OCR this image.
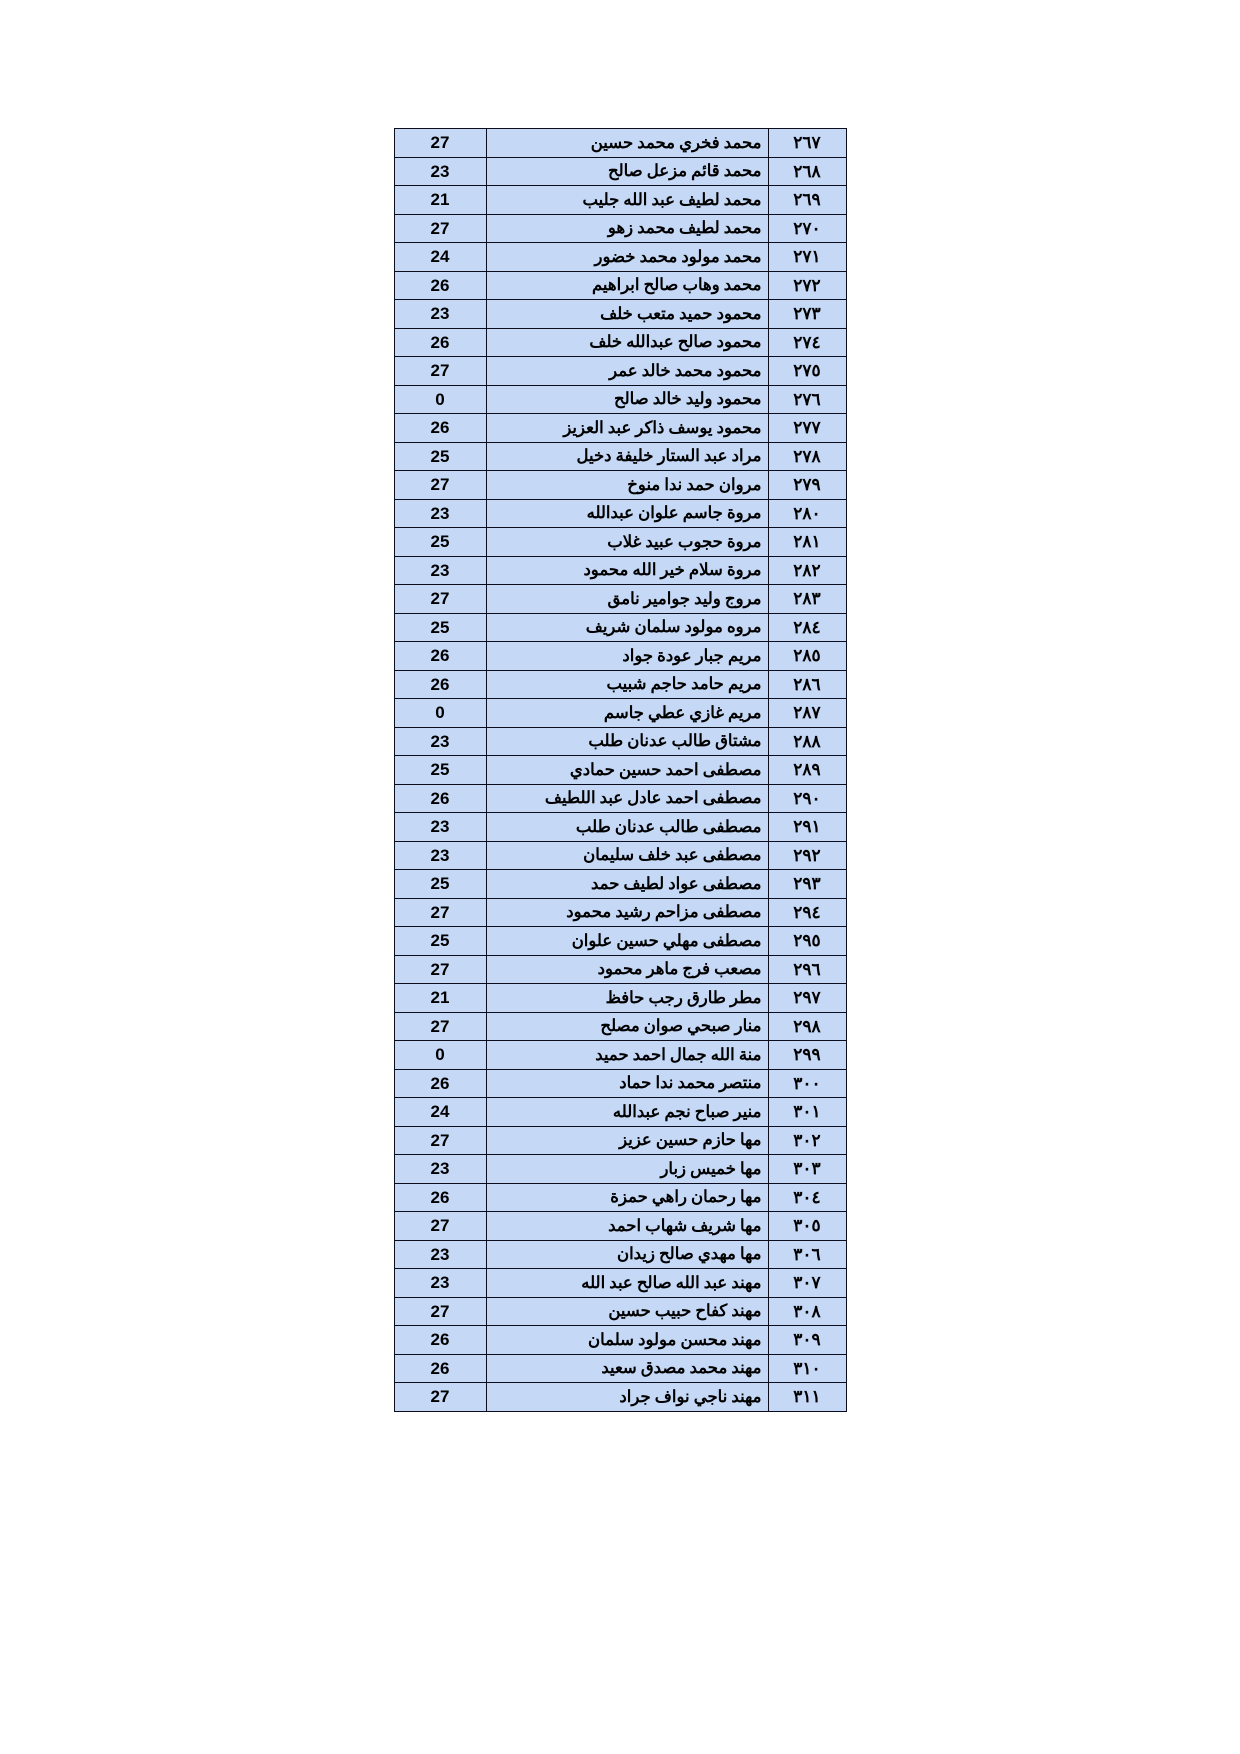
٢٦٧	محمد فخري محمد حسين	27
٢٦٨	محمد قائم مزعل صالح	23
٢٦٩	محمد لطيف عبد الله جليب	21
٢٧٠	محمد لطيف محمد زهو	27
٢٧١	محمد مولود محمد خضور	24
٢٧٢	محمد وهاب صالح ابراهيم	26
٢٧٣	محمود حميد متعب خلف	23
٢٧٤	محمود صالح عبدالله خلف	26
٢٧٥	محمود محمد خالد عمر	27
٢٧٦	محمود وليد خالد صالح	0
٢٧٧	محمود يوسف ذاكر عبد العزيز	26
٢٧٨	مراد عبد الستار خليفة دخيل	25
٢٧٩	مروان حمد ندا منوخ	27
٢٨٠	مروة جاسم علوان عبدالله	23
٢٨١	مروة حجوب عبيد غلاب	25
٢٨٢	مروة سلام خير الله محمود	23
٢٨٣	مروج وليد جوامير نامق	27
٢٨٤	مروه مولود سلمان شريف	25
٢٨٥	مريم جبار عودة جواد	26
٢٨٦	مريم حامد حاجم شبيب	26
٢٨٧	مريم غازي عطي جاسم	0
٢٨٨	مشتاق طالب عدنان طلب	23
٢٨٩	مصطفى احمد حسين حمادي	25
٢٩٠	مصطفى احمد عادل عبد اللطيف	26
٢٩١	مصطفى طالب عدنان طلب	23
٢٩٢	مصطفى عبد خلف سليمان	23
٢٩٣	مصطفى عواد لطيف حمد	25
٢٩٤	مصطفى مزاحم رشيد محمود	27
٢٩٥	مصطفى مهلي حسين علوان	25
٢٩٦	مصعب فرج ماهر محمود	27
٢٩٧	مطر طارق رجب حافظ	21
٢٩٨	منار صبحي صوان مصلح	27
٢٩٩	منة الله جمال احمد حميد	0
٣٠٠	منتصر محمد ندا حماد	26
٣٠١	منير صباح نجم عبدالله	24
٣٠٢	مها حازم حسين عزيز	27
٣٠٣	مها خميس زبار	23
٣٠٤	مها رحمان راهي حمزة	26
٣٠٥	مها شريف شهاب احمد	27
٣٠٦	مها مهدي صالح زيدان	23
٣٠٧	مهند عبد الله صالح عبد الله	23
٣٠٨	مهند كفاح حبيب حسين	27
٣٠٩	مهند محسن مولود سلمان	26
٣١٠	مهند محمد مصدق سعيد	26
٣١١	مهند ناجي نواف جراد	27
